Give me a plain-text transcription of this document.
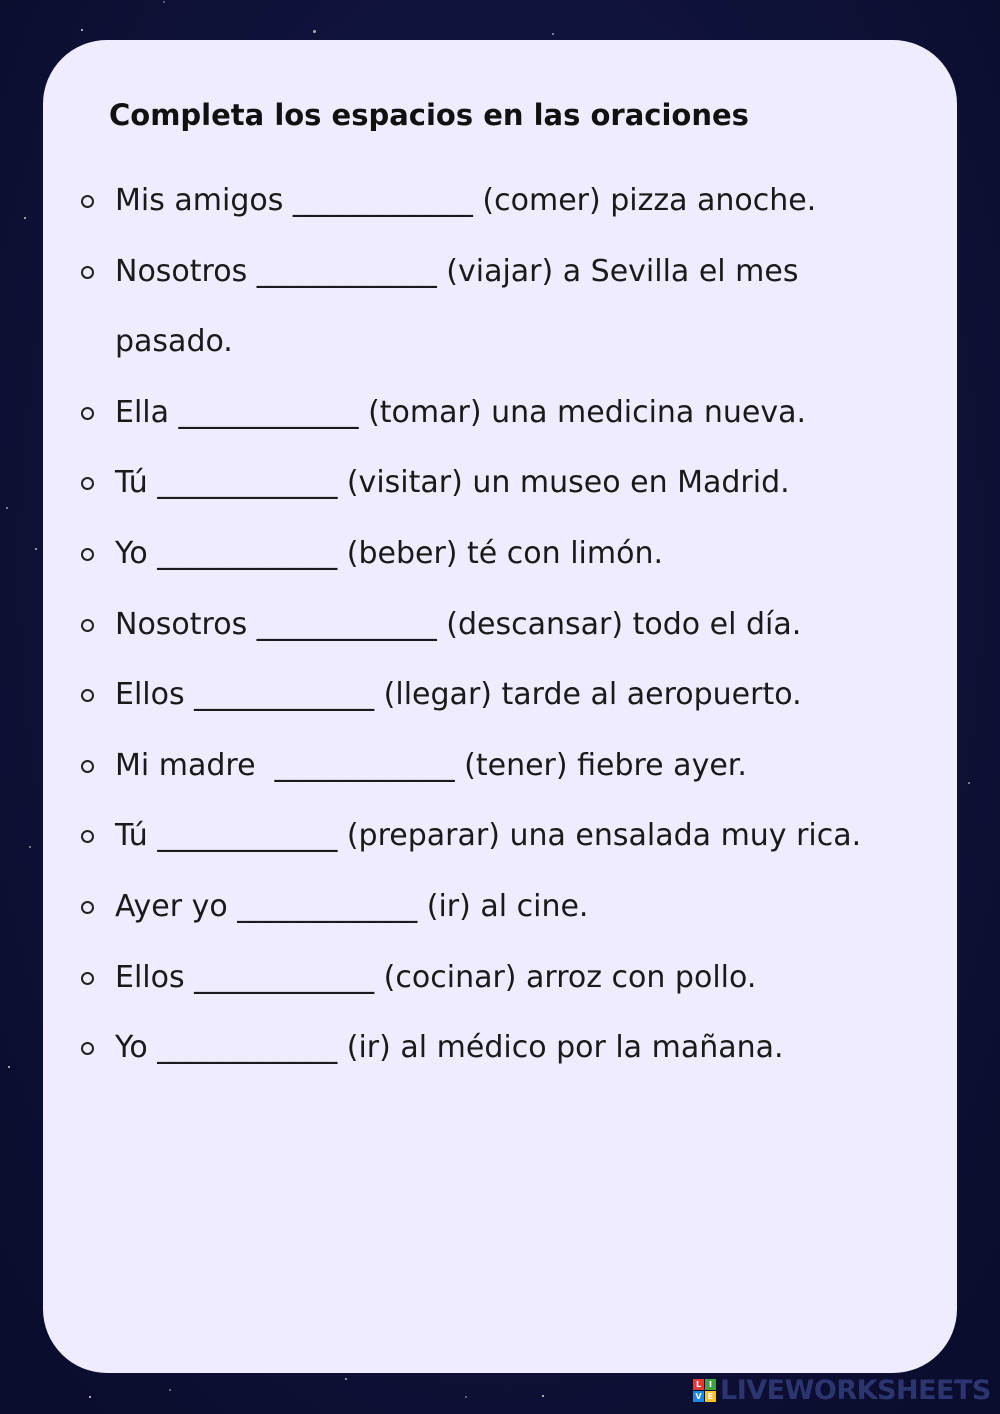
Completa los espacios en las oraciones
Mis amigos ____________ (comer) pizza anoche.
Nosotros ____________ (viajar) a Sevilla el mes
pasado.
Ella ____________ (tomar) una medicina nueva.
Tú ____________ (visitar) un museo en Madrid.
Yo ____________ (beber) té con limón.
Nosotros ____________ (descansar) todo el día.
Ellos ____________ (llegar) tarde al aeropuerto.
Mi madre  ____________ (tener) fiebre ayer.
Tú ____________ (preparar) una ensalada muy rica.
Ayer yo ____________ (ir) al cine.
Ellos ____________ (cocinar) arroz con pollo.
Yo ____________ (ir) al médico por la mañana.
L I
V E LIVEWORKSHEETS
